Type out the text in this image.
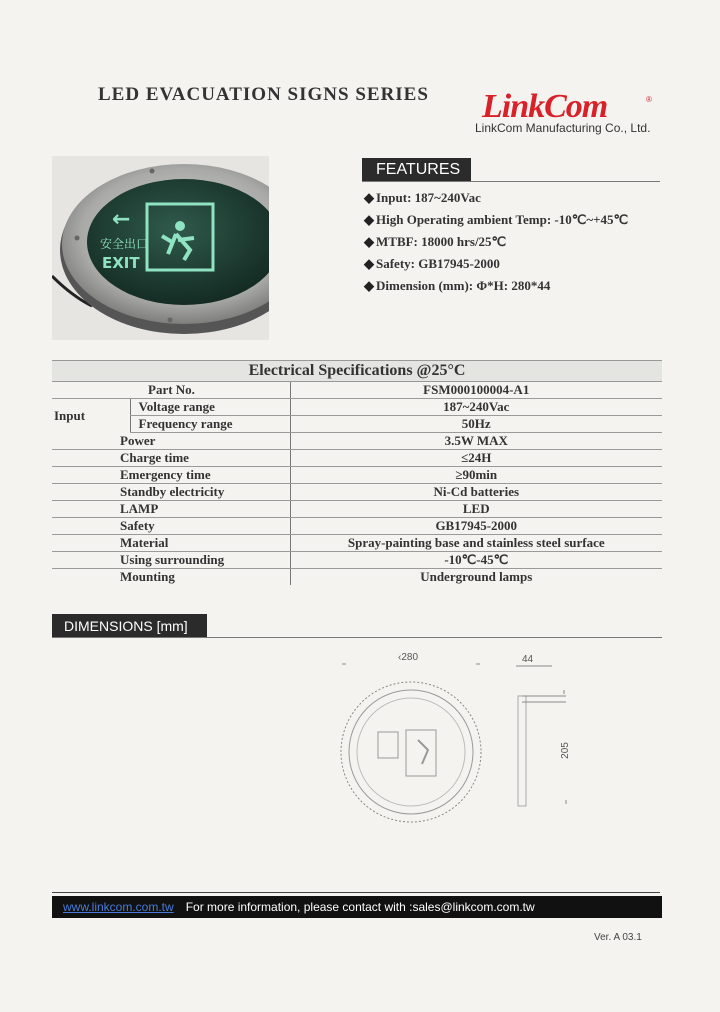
LED EVACUATION SIGNS SERIES LinkCom	®
LinkCom Manufacturing Co., Ltd.
←
安全出口
EXIT
FEATURES
◆ Input: 187~240Vac
◆ High Operating ambient Temp: -10℃~+45℃
◆ MTBF: 18000 hrs/25℃
◆ Safety: GB17945-2000
◆ Dimension (mm): Φ*H: 280*44
Electrical Specifications @25°C		
Part No.		FSM000100004-A1
Input	Voltage range	187~240Vac
	Frequency range	50Hz
Power		3.5W MAX
Charge time		≤24H
Emergency time		≥90min
Standby electricity		Ni-Cd batteries
LAMP		LED
Safety		GB17945-2000
Material		Spray-painting base and stainless steel surface
Using surrounding		-10℃-45℃
Mounting		Underground lamps
DIMENSIONS [mm]
‹280	44
205
www.linkcom.com.tw For more information, please contact with :sales@linkcom.com.tw
Ver. A 03.1
